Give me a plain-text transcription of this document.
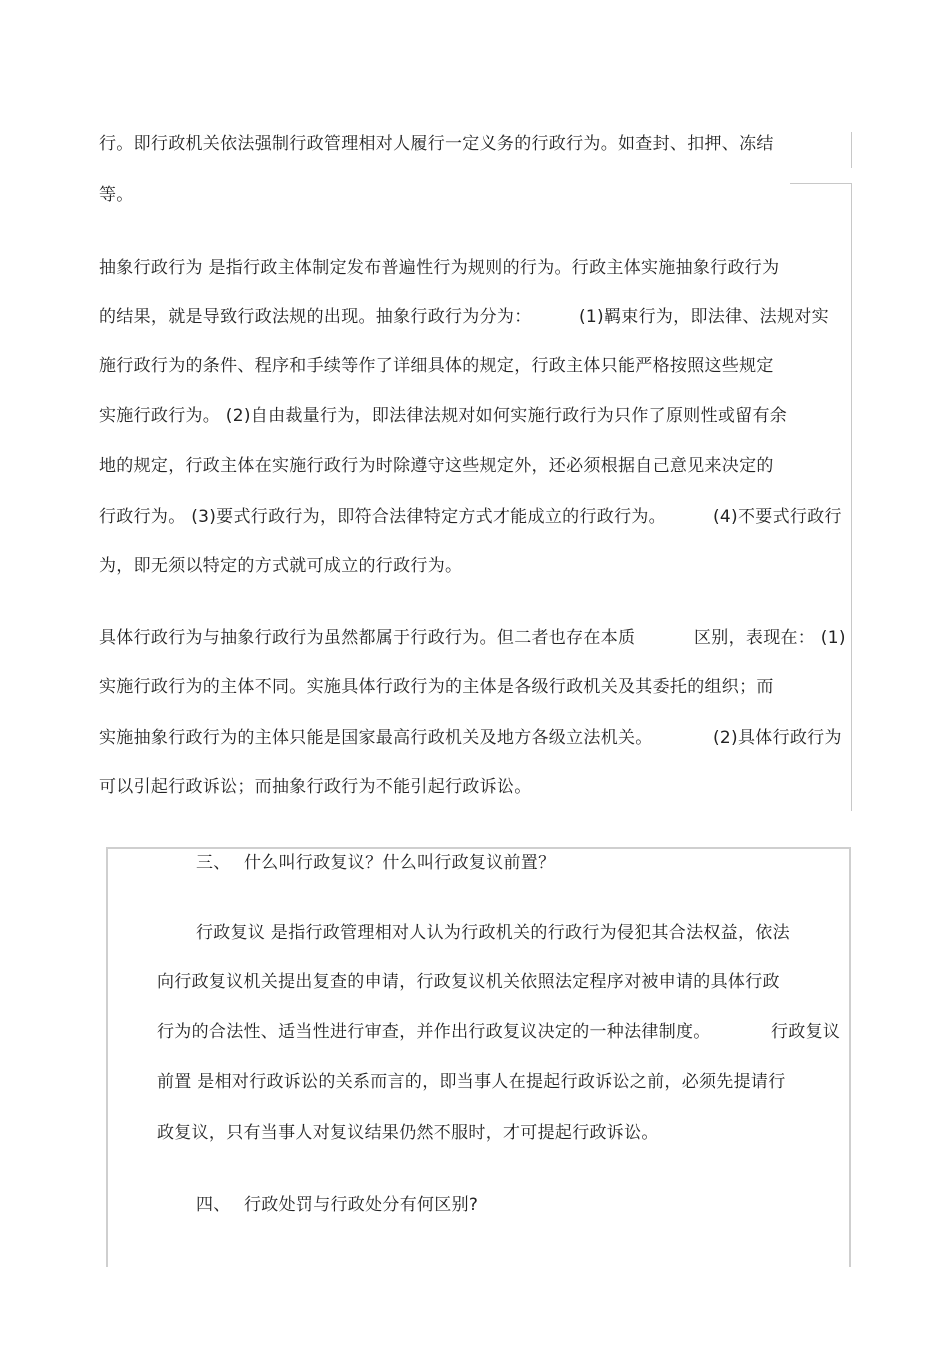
行。即行政机关依法强制行政管理相对人履行一定义务的行政行为。如查封、扣押、冻结
等。
抽象行政行为 是指行政主体制定发布普遍性行为规则的行为。行政主体实施抽象行政行为
的结果，就是导致行政法规的出现。抽象行政行为分为：	(1)羁束行为，即法律、法规对实
施行政行为的条件、程序和手续等作了详细具体的规定，行政主体只能严格按照这些规定
实施行政行为。 (2)自由裁量行为，即法律法规对如何实施行政行为只作了原则性或留有余
地的规定，行政主体在实施行政行为时除遵守这些规定外，还必须根据自己意见来决定的
行政行为。 (3)要式行政行为，即符合法律特定方式才能成立的行政行为。	(4)不要式行政行
为，即无须以特定的方式就可成立的行政行为。
具体行政行为与抽象行政行为虽然都属于行政行为。但二者也存在本质	区别，表现在： (1)
实施行政行为的主体不同。实施具体行政行为的主体是各级行政机关及其委托的组织；而
实施抽象行政行为的主体只能是国家最高行政机关及地方各级立法机关。	(2)具体行政行为
可以引起行政诉讼；而抽象行政行为不能引起行政诉讼。
三、 什么叫行政复议？什么叫行政复议前置？
行政复议 是指行政管理相对人认为行政机关的行政行为侵犯其合法权益，依法
向行政复议机关提出复查的申请，行政复议机关依照法定程序对被申请的具体行政
行为的合法性、适当性进行审查，并作出行政复议决定的一种法律制度。	行政复议
前置 是相对行政诉讼的关系而言的，即当事人在提起行政诉讼之前，必须先提请行
政复议，只有当事人对复议结果仍然不服时，才可提起行政诉讼。
四、 行政处罚与行政处分有何区别?
